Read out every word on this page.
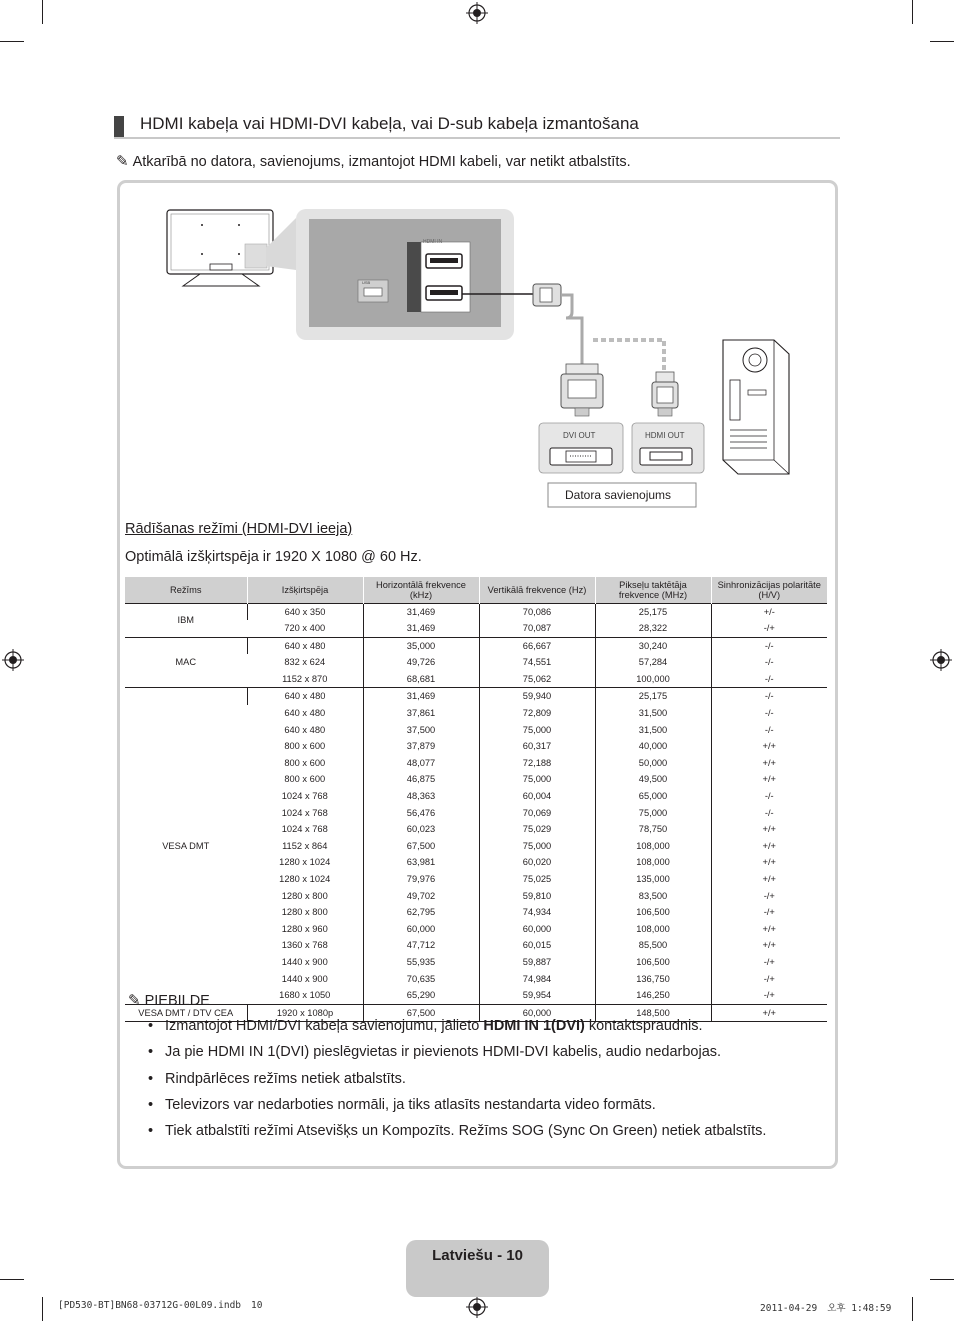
HDMI kabeļa vai HDMI-DVI kabeļa, vai D-sub kabeļa izmantošana
✎ Atkarībā no datora, savienojums, izmantojot HDMI kabeli, var netikt atbalstīts.
USB
HDMI IN
DVI OUT	HDMI OUT
Datora savienojums
Rādīšanas režīmi (HDMI-DVI ieeja)
Optimālā izšķirtspēja ir 1920 X 1080 @ 60 Hz.
Režīms	Izšķirtspēja	Horizontālā frekvence (kHz)	Vertikālā frekvence (Hz)	Pikseļu taktētāja frekvence (MHz)	Sinhronizācijas polaritāte (H/V)
IBM	640 x 350	31,469	70,086	25,175	+/-
	720 x 400	31,469	70,087	28,322	-/+
MAC	640 x 480	35,000	66,667	30,240	-/-
	832 x 624	49,726	74,551	57,284	-/-
	1152 x 870	68,681	75,062	100,000	-/-
VESA DMT	640 x 480	31,469	59,940	25,175	-/-
	640 x 480	37,861	72,809	31,500	-/-
	640 x 480	37,500	75,000	31,500	-/-
	800 x 600	37,879	60,317	40,000	+/+
	800 x 600	48,077	72,188	50,000	+/+
	800 x 600	46,875	75,000	49,500	+/+
	1024 x 768	48,363	60,004	65,000	-/-
	1024 x 768	56,476	70,069	75,000	-/-
	1024 x 768	60,023	75,029	78,750	+/+
	1152 x 864	67,500	75,000	108,000	+/+
	1280 x 1024	63,981	60,020	108,000	+/+
	1280 x 1024	79,976	75,025	135,000	+/+
	1280 x 800	49,702	59,810	83,500	-/+
	1280 x 800	62,795	74,934	106,500	-/+
	1280 x 960	60,000	60,000	108,000	+/+
	1360 x 768	47,712	60,015	85,500	+/+
	1440 x 900	55,935	59,887	106,500	-/+
	1440 x 900	70,635	74,984	136,750	-/+
	1680 x 1050	65,290	59,954	146,250	-/+
VESA DMT / DTV CEA	1920 x 1080p	67,500	60,000	148,500	+/+
✎ PIEBILDE
• Izmantojot HDMI/DVI kabeļa savienojumu, jālieto HDMI IN 1(DVI) kontaktspraudnis.
• Ja pie HDMI IN 1(DVI) pieslēgvietas ir pievienots HDMI-DVI kabelis, audio nedarbojas.
• Rindpārlēces režīms netiek atbalstīts.
• Televizors var nedarboties normāli, ja tiks atlasīts nestandarta video formāts.
• Tiek atbalstīti režīmi Atsevišķs un Kompozīts. Režīms SOG (Sync On Green) netiek atbalstīts.
Latviešu - 10
[PD530-BT]BN68-03712G-00L09.indb 10	2011-04-29 오후 1:48:59
